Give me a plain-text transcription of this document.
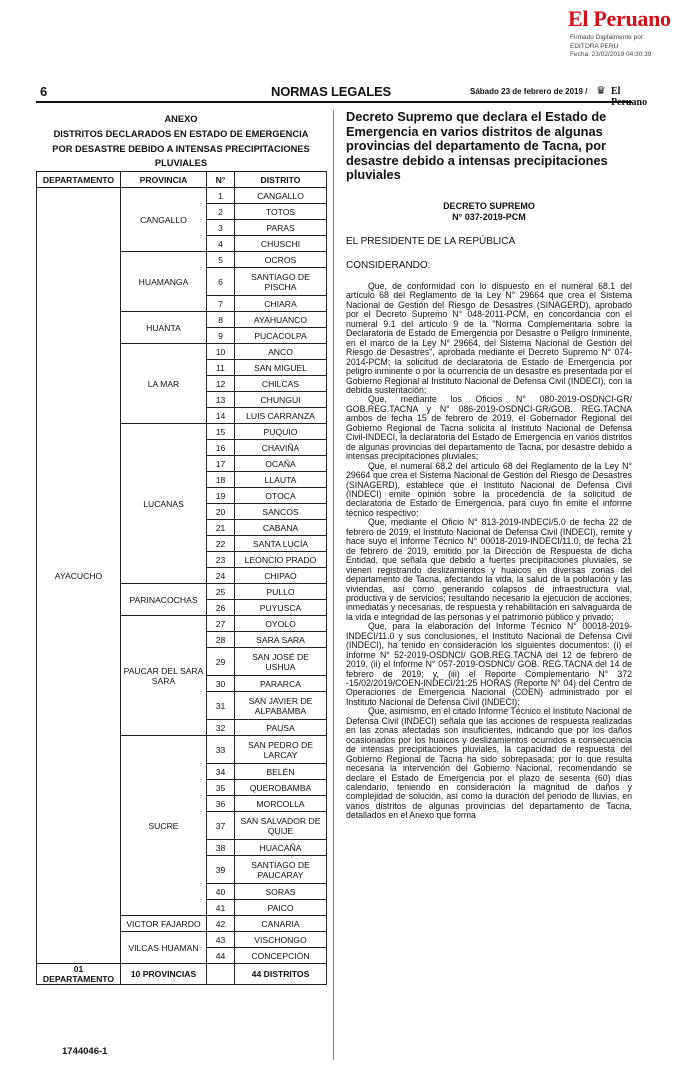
El Peruano
Firmado Digitalmente por:
EDITORA PERU
Fecha: 23/02/2019 04:30:39
6	NORMAS LEGALES	Sábado 23 de febrero de 2019 / ♛ El Peruano
ANEXO
DISTRITOS DECLARADOS EN ESTADO DE EMERGENCIA
POR DESASTRE DEBIDO A INTENSAS PRECIPITACIONES
PLUVIALES
DEPARTAMENTO	PROVINCIA	N°	DISTRITO
AYACUCHO	CANGALLO	1	CANGALLO
		2	TOTOS
		3	PARAS
		4	CHUSCHI
	HUAMANGA	5	OCROS
		6	SANTIAGO DE PISCHA
		7	CHIARA
	HUANTA	8	AYAHUANCO
		9	PUCACOLPA
	LA MAR	10	ANCO
		11	SAN MIGUEL
		12	CHILCAS
		13	CHUNGUI
		14	LUIS CARRANZA
	LUCANAS	15	PUQUIO
		16	CHAVIÑA
		17	OCAÑA
		18	LLAUTA
		19	OTOCA
		20	SANCOS
		21	CABANA
		22	SANTA LUCÍA
		23	LEONCIO PRADO
		24	CHIPAO
	PARINACOCHAS	25	PULLO
		26	PUYUSCA
	PAUCAR DEL SARA SARA	27	OYOLO
		28	SARA SARA
		29	SAN JOSÉ DE USHUA
		30	PARARCA
		31	SAN JAVIER DE ALPABAMBA
		32	PAUSA
	SUCRE	33	SAN PEDRO DE LARCAY
		34	BELÉN
		35	QUEROBAMBA
		36	MORCOLLA
		37	SAN SALVADOR DE QUIJE
		38	HUACAÑA
		39	SANTIAGO DE PAUCARAY
		40	SORAS
		41	PAICO
	VICTOR FAJARDO	42	CANARIA
	VILCAS HUAMAN	43	VISCHONGO
		44	CONCEPCIÓN
01 DEPARTAMENTO	10 PROVINCIAS		44 DISTRITOS
1744046-1
Decreto Supremo que declara el Estado de Emergencia en varios distritos de algunas provincias del departamento de Tacna, por desastre debido a intensas precipitaciones pluviales
DECRETO SUPREMO
N° 037-2019-PCM
EL PRESIDENTE DE LA REPÚBLICA
CONSIDERANDO:

Que, de conformidad con lo dispuesto en el numeral 68.1 del artículo 68 del Reglamento de la Ley N° 29664 que crea el Sistema Nacional de Gestión del Riesgo de Desastres (SINAGERD), aprobado por el Decreto Supremo N° 048-2011-PCM, en concordancia con el numeral 9.1 del artículo 9 de la "Norma Complementaria sobre la Declaratoria de Estado de Emergencia por Desastre o Peligro Inminente, en el marco de la Ley N° 29664, del Sistema Nacional de Gestión del Riesgo de Desastres", aprobada mediante el Decreto Supremo N° 074-2014-PCM; la solicitud de declaratoria de Estado de Emergencia por peligro inminente o por la ocurrencia de un desastre es presentada por el Gobierno Regional al Instituto Nacional de Defensa Civil (INDECI), con la debida sustentación;

Que, mediante los Oficios N° 080-2019-OSDNCI-GR/ GOB.REG.TACNA y N° 086-2019-OSDNCI-GR/GOB. REG.TACNA ambos de fecha 15 de febrero de 2019, el Gobernador Regional del Gobierno Regional de Tacna solicita al Instituto Nacional de Defensa Civil-INDECI, la declaratoria del Estado de Emergencia en varios distritos de algunas provincias del departamento de Tacna, por desastre debido a intensas precipitaciones pluviales;

Que, el numeral 68.2 del artículo 68 del Reglamento de la Ley N° 29664 que crea el Sistema Nacional de Gestión del Riesgo de Desastres (SINAGERD), establece que el Instituto Nacional de Defensa Civil (INDECI) emite opinión sobre la procedencia de la solicitud de declaratoria de Estado de Emergencia, para cuyo fin emite el informe técnico respectivo;

Que, mediante el Oficio N° 813-2019-INDECI/5.0 de fecha 22 de febrero de 2019, el Instituto Nacional de Defensa Civil (INDECI), remite y hace suyo el Informe Técnico N° 00018-2019-INDECI/11.0, de fecha 21 de febrero de 2019, emitido por la Dirección de Respuesta de dicha Entidad, que señala que debido a fuertes precipitaciones pluviales, se vienen registrando deslizamientos y huaicos en diversas zonas del departamento de Tacna, afectando la vida, la salud de la población y las viviendas, así como generando colapsos de infraestructura vial, productiva y de servicios; resultando necesario la ejecución de acciones, inmediatas y necesarias, de respuesta y rehabilitación en salvaguarda de la vida e integridad de las personas y el patrimonio público y privado;

Que, para la elaboración del Informe Técnico N° 00018-2019-INDECI/11.0 y sus conclusiones, el Instituto Nacional de Defensa Civil (INDECI), ha tenido en consideración los siguientes documentos: (i) el Informe N° 52-2019-OSDNCI/ GOB.REG.TACNA del 12 de febrero de 2019, (ii) el Informe N° 057-2019-OSDNCI/ GOB. REG.TACNA del 14 de febrero de 2019; y, (iii) el Reporte Complementario N° 372 -15/02/2019/COEN-INDECI/21:25 HORAS (Reporte N° 04) del Centro de Operaciones de Emergencia Nacional (COEN) administrado por el Instituto Nacional de Defensa Civil (INDECI);

Que, asimismo, en el citado Informe Técnico el Instituto Nacional de Defensa Civil (INDECI) señala que las acciones de respuesta realizadas en las zonas afectadas son insuficientes, indicando que por los daños ocasionados por los huaicos y deslizamientos ocurridos a consecuencia de intensas precipitaciones pluviales, la capacidad de respuesta del Gobierno Regional de Tacna ha sido sobrepasada; por lo que resulta necesaria la intervención del Gobierno Nacional, recomendando se declare el Estado de Emergencia por el plazo de sesenta (60) días calendario, teniendo en consideración la magnitud de daños y complejidad de solución, así como la duración del periodo de lluvias, en varios distritos de algunas provincias del departamento de Tacna, detallados en el Anexo que forma
